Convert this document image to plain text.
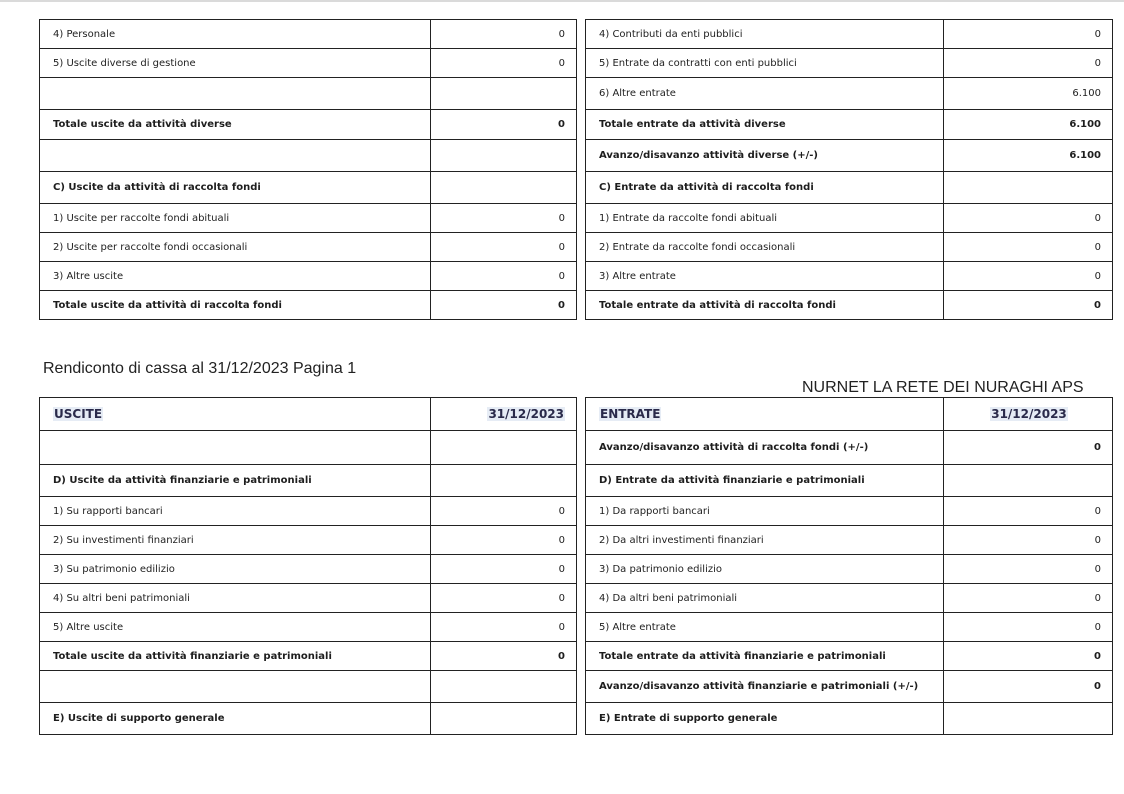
4) Personale	0		4) Contributi da enti pubblici	0
5) Uscite diverse di gestione	0		5) Entrate da contratti con enti pubblici	0
			6) Altre entrate	6.100
Totale uscite da attività diverse	0		Totale entrate da attività diverse	6.100
			Avanzo/disavanzo attività diverse (+/-)	6.100
C) Uscite da attività di raccolta fondi			C) Entrate da attività di raccolta fondi	
1) Uscite per raccolte fondi abituali	0		1) Entrate da raccolte fondi abituali	0
2) Uscite per raccolte fondi occasionali	0		2) Entrate da raccolte fondi occasionali	0
3) Altre uscite	0		3) Altre entrate	0
Totale uscite da attività di raccolta fondi	0		Totale entrate da attività di raccolta fondi	0
Rendiconto di cassa al 31/12/2023 Pagina 1
NURNET LA RETE DEI NURAGHI APS
USCITE	31/12/2023		ENTRATE	31/12/2023
			Avanzo/disavanzo attività di raccolta fondi (+/-)	0
D) Uscite da attività finanziarie e patrimoniali			D) Entrate da attività finanziarie e patrimoniali	
1) Su rapporti bancari	0		1) Da rapporti bancari	0
2) Su investimenti finanziari	0		2) Da altri investimenti finanziari	0
3) Su patrimonio edilizio	0		3) Da patrimonio edilizio	0
4) Su altri beni patrimoniali	0		4) Da altri beni patrimoniali	0
5) Altre uscite	0		5) Altre entrate	0
Totale uscite da attività finanziarie e patrimoniali	0		Totale entrate da attività finanziarie e patrimoniali	0
			Avanzo/disavanzo attività finanziarie e patrimoniali (+/-)	0
E) Uscite di supporto generale			E) Entrate di supporto generale	
